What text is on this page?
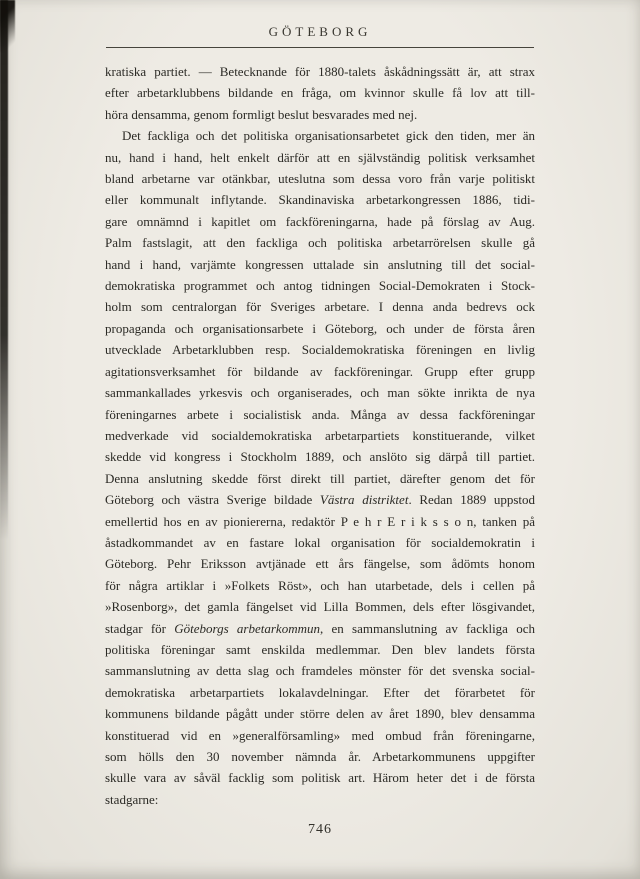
GÖTEBORG
kratiska partiet. — Betecknande för 1880-talets åskådningssätt är, att strax
efter arbetarklubbens bildande en fråga, om kvinnor skulle få lov att till-
höra densamma, genom formligt beslut besvarades med nej.
Det fackliga och det politiska organisationsarbetet gick den tiden, mer än
nu, hand i hand, helt enkelt därför att en självständig politisk verksamhet
bland arbetarne var otänkbar, uteslutna som dessa voro från varje politiskt
eller kommunalt inflytande. Skandinaviska arbetarkongressen 1886, tidi-
gare omnämnd i kapitlet om fackföreningarna, hade på förslag av Aug.
Palm fastslagit, att den fackliga och politiska arbetarrörelsen skulle gå
hand i hand, varjämte kongressen uttalade sin anslutning till det social-
demokratiska programmet och antog tidningen Social-Demokraten i Stock-
holm som centralorgan för Sveriges arbetare. I denna anda bedrevs ock
propaganda och organisationsarbete i Göteborg, och under de första åren
utvecklade Arbetarklubben resp. Socialdemokratiska föreningen en livlig
agitationsverksamhet för bildande av fackföreningar. Grupp efter grupp
sammankallades yrkesvis och organiserades, och man sökte inrikta de nya
föreningarnes arbete i socialistisk anda. Många av dessa fackföreningar
medverkade vid socialdemokratiska arbetarpartiets konstituerande, vilket
skedde vid kongress i Stockholm 1889, och anslöto sig därpå till partiet.
Denna anslutning skedde först direkt till partiet, därefter genom det för
Göteborg och västra Sverige bildade Västra distriktet. Redan 1889 uppstod
emellertid hos en av pioniererna, redaktör P e h r E r i k s s o n, tanken på
åstadkommandet av en fastare lokal organisation för socialdemokratin i
Göteborg. Pehr Eriksson avtjänade ett års fängelse, som ådömts honom
för några artiklar i »Folkets Röst», och han utarbetade, dels i cellen på
»Rosenborg», det gamla fängelset vid Lilla Bommen, dels efter lösgivandet,
stadgar för Göteborgs arbetarkommun, en sammanslutning av fackliga och
politiska föreningar samt enskilda medlemmar. Den blev landets första
sammanslutning av detta slag och framdeles mönster för det svenska social-
demokratiska arbetarpartiets lokalavdelningar. Efter det förarbetet för
kommunens bildande pågått under större delen av året 1890, blev densamma
konstituerad vid en »generalförsamling» med ombud från föreningarne,
som hölls den 30 november nämnda år. Arbetarkommunens uppgifter
skulle vara av såväl facklig som politisk art. Härom heter det i de första
stadgarne:
746
